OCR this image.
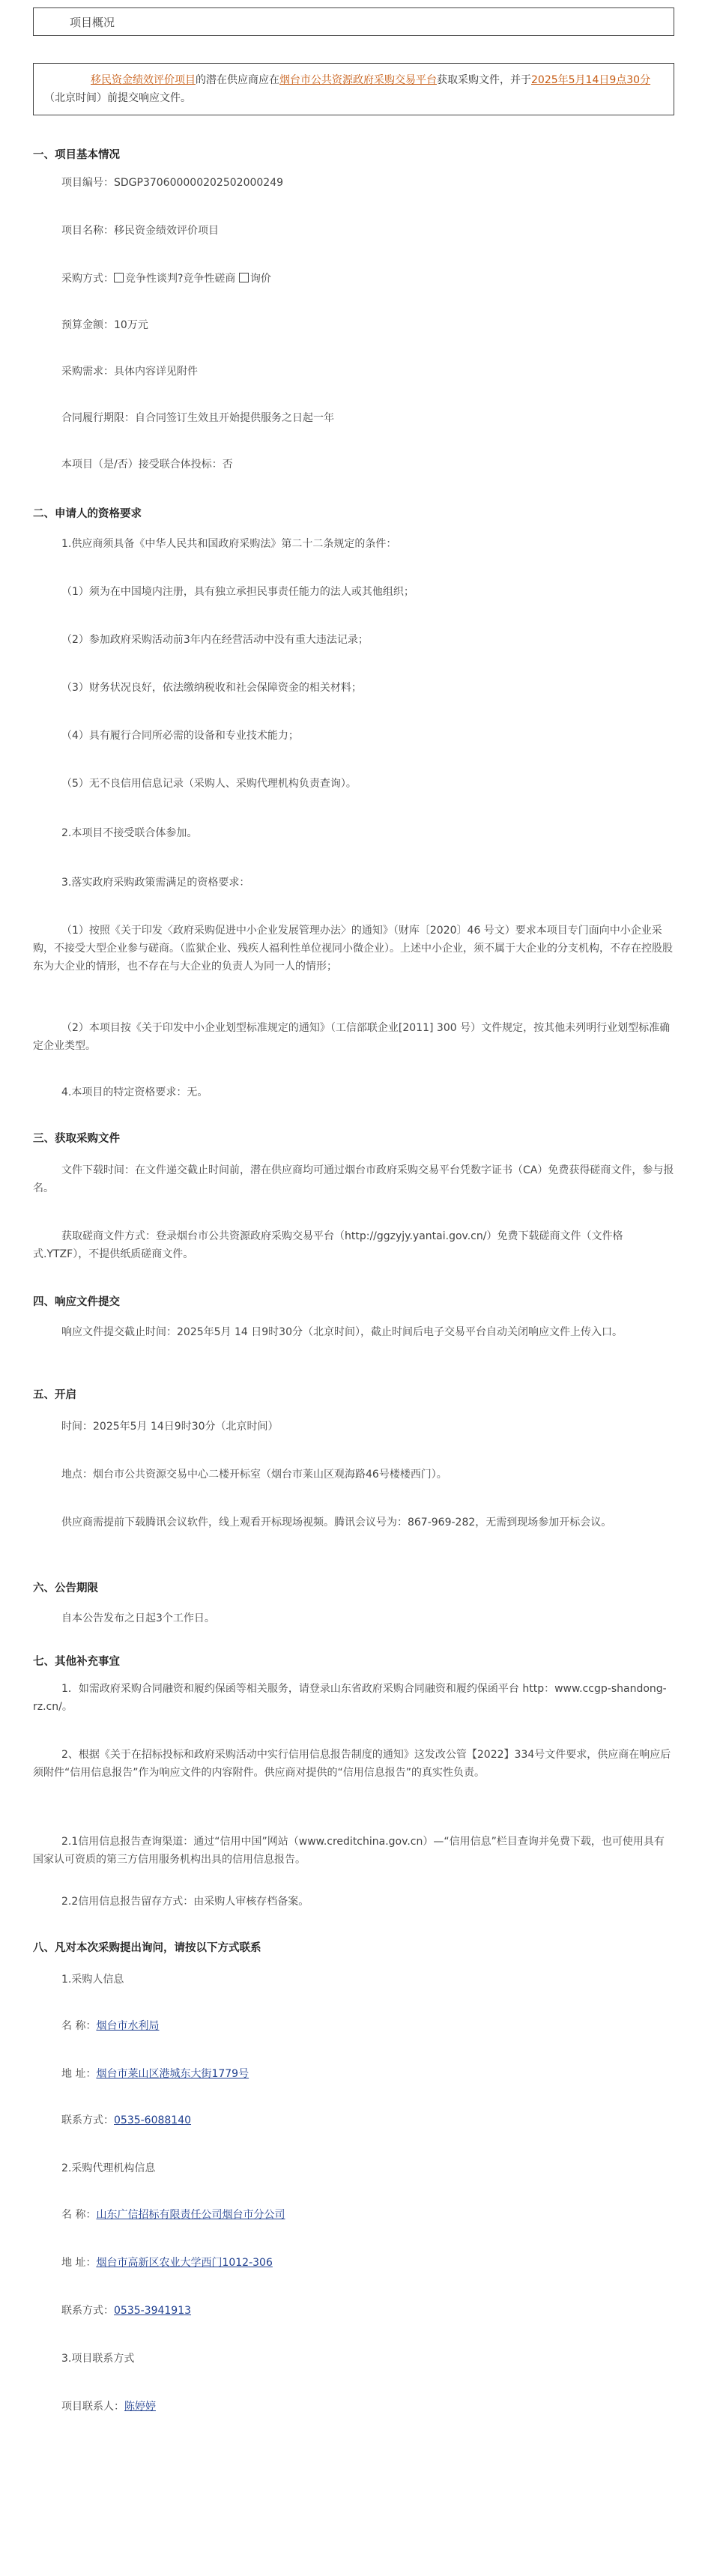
项目概况
移民资金绩效评价项目的潜在供应商应在烟台市公共资源政府采购交易平台获取采购文件，并于2025年5月14日9点30分（北京时间）前提交响应文件。
一、项目基本情况
项目编号：SDGP370600000202502000249
项目名称：移民资金绩效评价项目
采购方式： 竞争性谈判?竞争性磋商 询价
预算金额：10万元
采购需求：具体内容详见附件
合同履行期限：自合同签订生效且开始提供服务之日起一年
本项目（是/否）接受联合体投标：否
二、申请人的资格要求
1.供应商须具备《中华人民共和国政府采购法》第二十二条规定的条件：
（1）须为在中国境内注册，具有独立承担民事责任能力的法人或其他组织；
（2）参加政府采购活动前3年内在经营活动中没有重大违法记录；
（3）财务状况良好，依法缴纳税收和社会保障资金的相关材料；
（4）具有履行合同所必需的设备和专业技术能力；
（5）无不良信用信息记录（采购人、采购代理机构负责查询）。
2.本项目不接受联合体参加。
3.落实政府采购政策需满足的资格要求：
（1）按照《关于印发〈政府采购促进中小企业发展管理办法〉的通知》（财库〔2020〕46 号文）要求本项目专门面向中小企业采购，不接受大型企业参与磋商。（监狱企业、残疾人福利性单位视同小微企业）。上述中小企业，须不属于大企业的分支机构，不存在控股股东为大企业的情形，也不存在与大企业的负责人为同一人的情形；
（2）本项目按《关于印发中小企业划型标准规定的通知》（工信部联企业[2011] 300 号）文件规定，按其他未列明行业划型标准确定企业类型。
4.本项目的特定资格要求：无。
三、获取采购文件
文件下载时间：在文件递交截止时间前，潜在供应商均可通过烟台市政府采购交易平台凭数字证书（CA）免费获得磋商文件，参与报名。
获取磋商文件方式：登录烟台市公共资源政府采购交易平台（http://ggzyjy.yantai.gov.cn/）免费下载磋商文件（文件格式.YTZF），不提供纸质磋商文件。
四、响应文件提交
响应文件提交截止时间：2025年5月 14 日9时30分（北京时间），截止时间后电子交易平台自动关闭响应文件上传入口。
五、开启
时间：2025年5月 14日9时30分（北京时间）
地点：烟台市公共资源交易中心二楼开标室（烟台市莱山区观海路46号楼楼西门）。
供应商需提前下载腾讯会议软件，线上观看开标现场视频。腾讯会议号为：867-969-282，无需到现场参加开标会议。
六、公告期限
自本公告发布之日起3个工作日。
七、其他补充事宜
1．如需政府采购合同融资和履约保函等相关服务，请登录山东省政府采购合同融资和履约保函平台 http：www.ccgp-shandong-rz.cn/。
2、根据《关于在招标投标和政府采购活动中实行信用信息报告制度的通知》这发改公管【2022】334号文件要求，供应商在响应后须附件“信用信息报告”作为响应文件的内容附件。供应商对提供的“信用信息报告”的真实性负责。
2.1信用信息报告查询渠道：通过“信用中国”网站（www.creditchina.gov.cn）—“信用信息”栏目查询并免费下载，也可使用具有国家认可资质的第三方信用服务机构出具的信用信息报告。
2.2信用信息报告留存方式：由采购人审核存档备案。
八、凡对本次采购提出询问，请按以下方式联系
1.采购人信息
名 称：烟台市水利局
地 址：烟台市莱山区港城东大街1779号
联系方式：0535-6088140
2.采购代理机构信息
名 称：山东广信招标有限责任公司烟台市分公司
地 址：烟台市高新区农业大学西门1012-306
联系方式：0535-3941913
3.项目联系方式
项目联系人：陈婷婷
